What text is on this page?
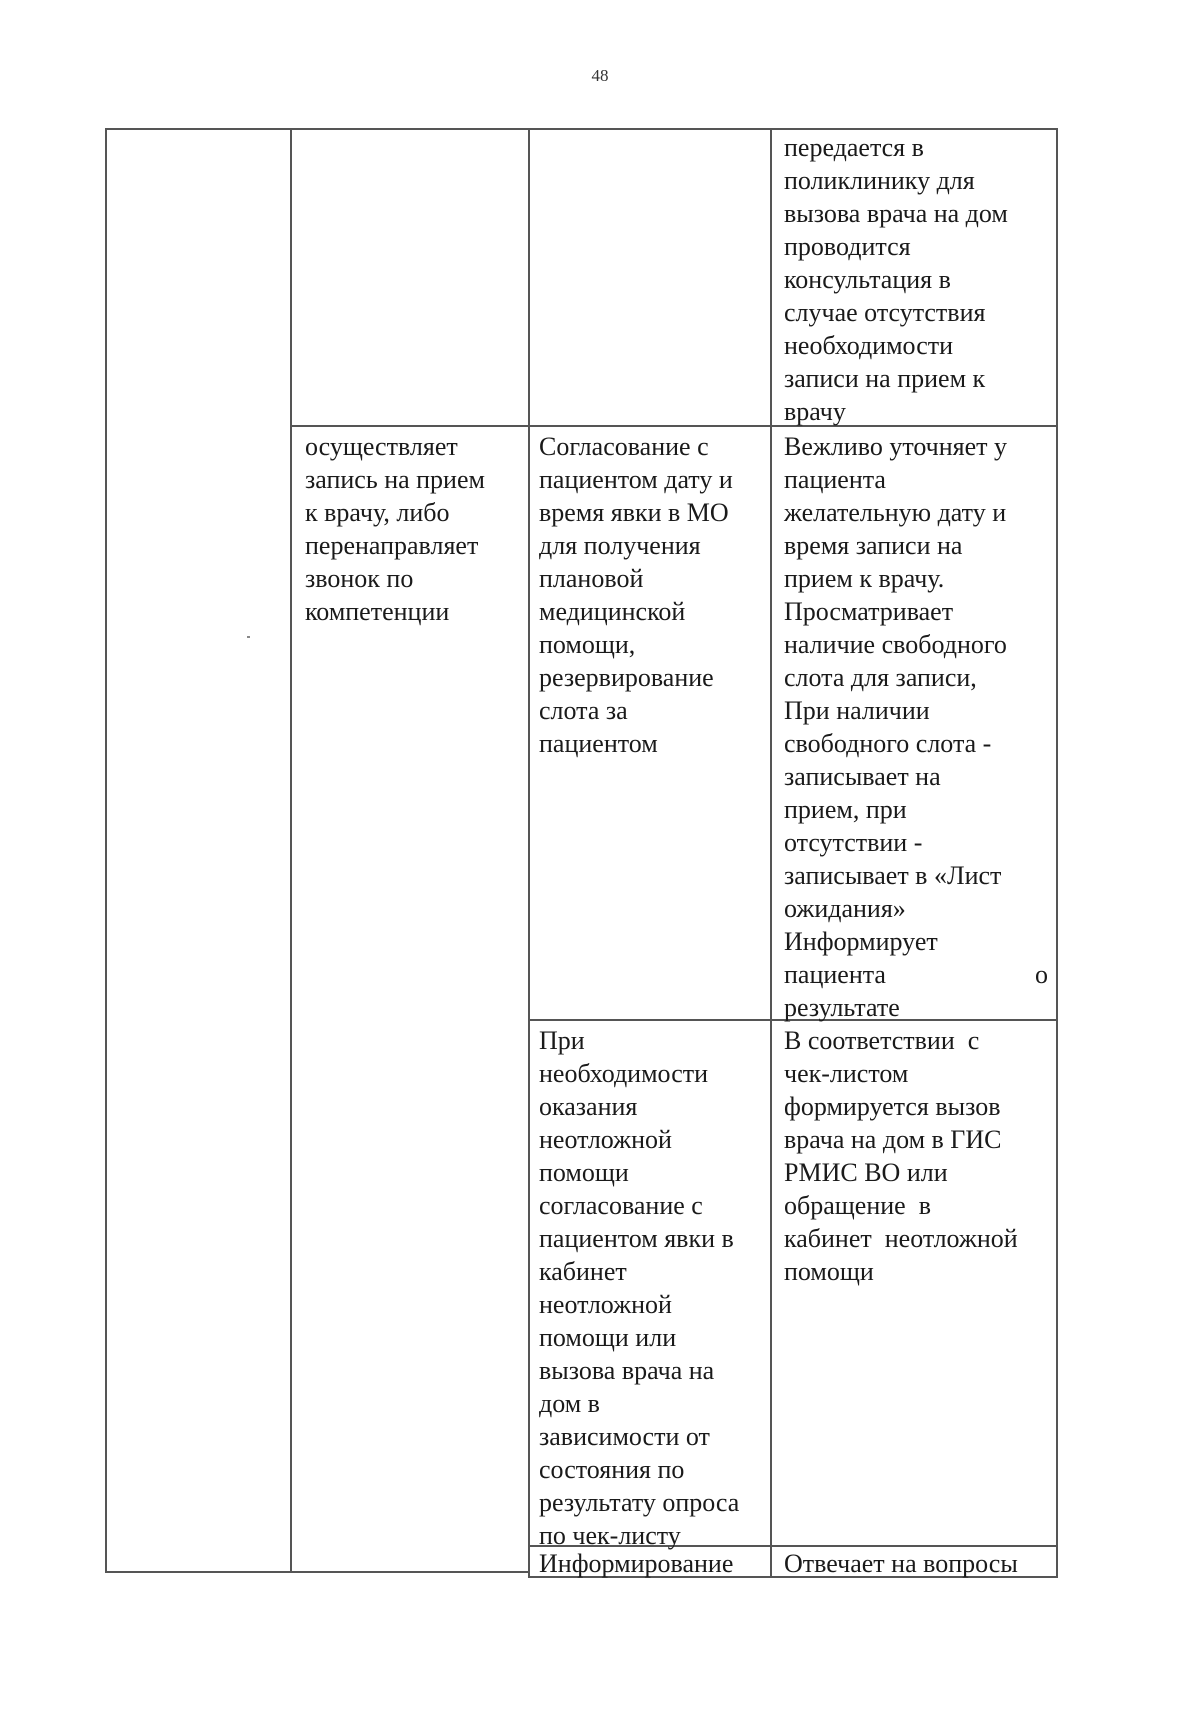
48
передается в
поликлинику для
вызова врача на дом
проводится
консультация в
случае отсутствия
необходимости
записи на прием к
врачу
осуществляет
запись на прием
к врачу, либо
перенаправляет
звонок по
компетенции
Согласование с
пациентом дату и
время явки в МО
для получения
плановой
медицинской
помощи,
резервирование
слота за
пациентом
Вежливо уточняет у
пациента
желательную дату и
время записи на
прием к врачу.
Просматривает
наличие свободного
слота для записи,
При наличии
свободного слота -
записывает на
прием, при
отсутствии -
записывает в «Лист
ожидания»
Информирует
пациента	о
результате
При
необходимости
оказания
неотложной
помощи
согласование с
пациентом явки в
кабинет
неотложной
помощи или
вызова врача на
дом в
зависимости от
состояния по
результату опроса
по чек-листу
В соответствии  с
чек-листом
формируется вызов
врача на дом в ГИС
РМИС ВО или
обращение  в
кабинет  неотложной
помощи
Информирование	Отвечает на вопросы
